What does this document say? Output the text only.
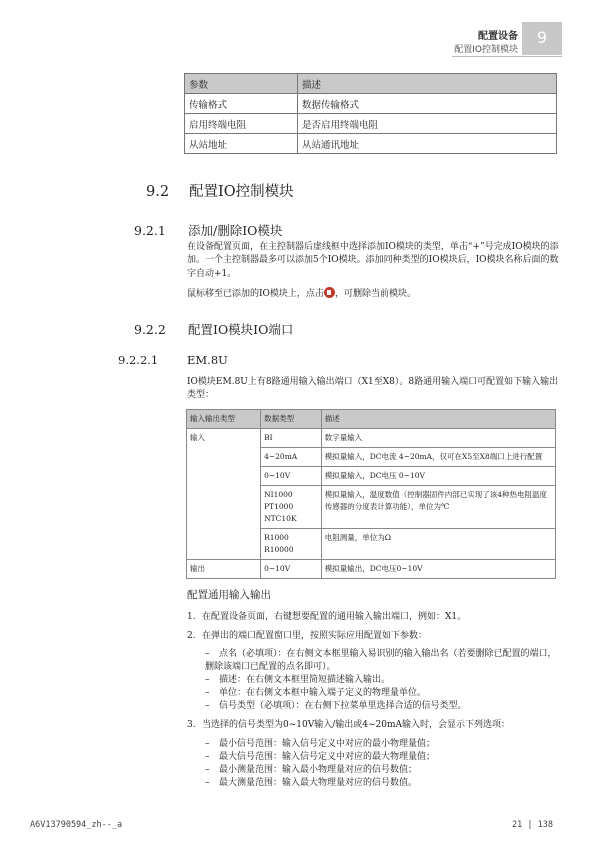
配置设备
配置IO控制模块
9
参数	描述
传输格式	数据传输格式
启用终端电阻	是否启用终端电阻
从站地址	从站通讯地址
9.2 配置IO控制模块
9.2.1 添加/删除IO模块
在设备配置页面，在主控制器后虚线框中选择添加IO模块的类型，单击“+”号完成IO模块的添加。一个主控制器最多可以添加5个IO模块。添加同种类型的IO模块后，IO模块名称后面的数字自动+1。
鼠标移至已添加的IO模块上，点击 ，可删除当前模块。
9.2.2 配置IO模块IO端口
9.2.2.1	EM.8U
IO模块EM.8U上有8路通用输入输出端口（X1至X8）。8路通用输入端口可配置如下输入输出类型：
输入输出类型	数据类型	描述
输入	BI	数字量输入
	4~20mA	模拟量输入，DC电流 4~20mA，仅可在X5至X8端口上进行配置
	0~10V	模拟量输入，DC电压 0~10V
	NI1000
PT1000
NTC10K	模拟量输入，温度数值（控制器固件内部已实现了该4种热电阻温度传感器的分度表计算功能），单位为℃
	R1000
R10000	电阻测量，单位为Ω
输出	0~10V	模拟量输出，DC电压0~10V
配置通用输入输出
1. 在配置设备页面，右键想要配置的通用输入输出端口，例如：X1。
2. 在弹出的端口配置窗口里，按照实际应用配置如下参数：
– 点名（必填项）：在右侧文本框里输入易识别的输入输出名（若要删除已配置的端口，删除该端口已配置的点名即可）。
– 描述：在右侧文本框里简短描述输入输出。
– 单位：在右侧文本框中输入端子定义的物理量单位。
– 信号类型（必填项）：在右侧下拉菜单里选择合适的信号类型。
3. 当选择的信号类型为0~10V输入/输出或4~20mA输入时，会显示下列选项：
– 最小信号范围：输入信号定义中对应的最小物理量值；
– 最大信号范围：输入信号定义中对应的最大物理量值；
– 最小测量范围：输入最小物理量对应的信号数值；
– 最大测量范围：输入最大物理量对应的信号数值。
A6V13790594_zh--_a	21 | 138
